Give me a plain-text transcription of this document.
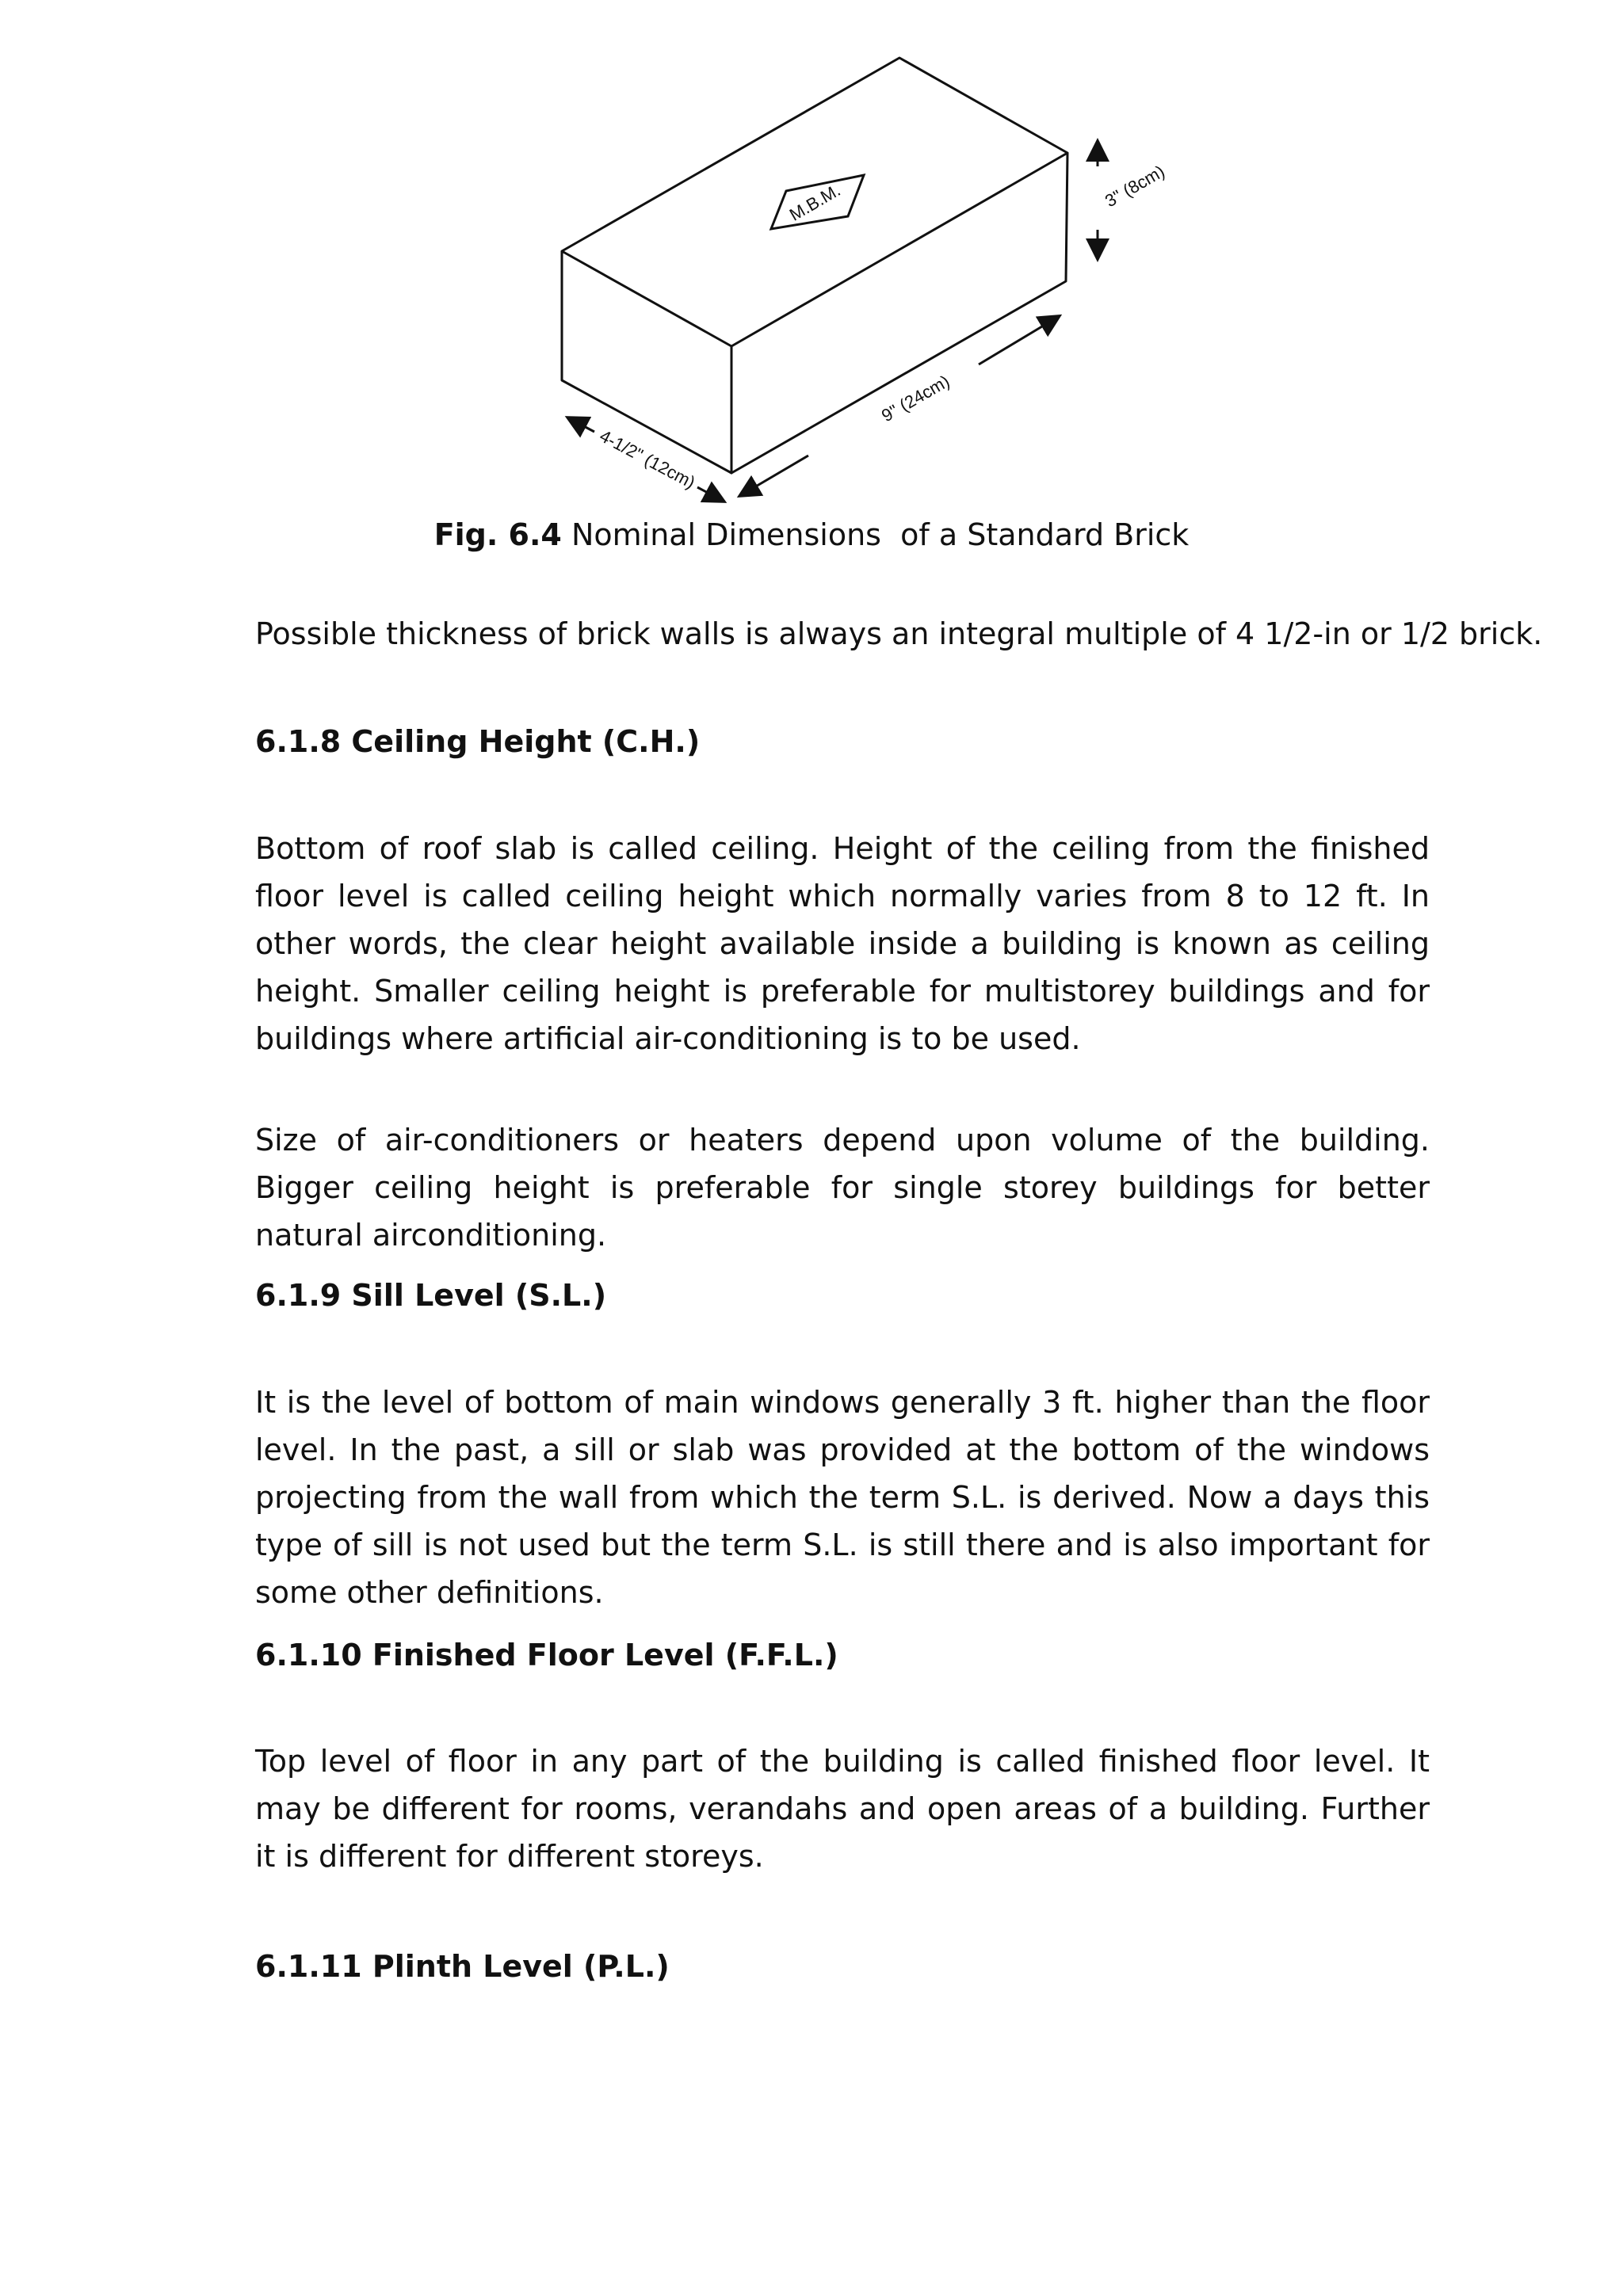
M.B.M.	3" (8cm)
9" (24cm)
4-1/2" (12cm)
Fig. 6.4 Nominal Dimensions  of a Standard Brick

Possible thickness of brick walls is always an integral multiple of 4 1/2-in or 1/2 brick.

6.1.8 Ceiling Height (C.H.)

Bottom of roof slab is called ceiling. Height of the ceiling from the finished floor level is called ceiling height which normally varies from 8 to 12 ft. In other words, the clear height available inside a building is known as ceiling height. Smaller ceiling height is preferable for multistorey buildings and for buildings where artificial air-conditioning is to be used.

Size of air-conditioners or heaters depend upon volume of the building. Bigger ceiling height is preferable for single storey buildings for better natural airconditioning.

6.1.9 Sill Level (S.L.)

It is the level of bottom of main windows generally 3 ft. higher than the floor level. In the past, a sill or slab was provided at the bottom of the windows projecting from the wall from which the term S.L. is derived. Now a days this type of sill is not used but the term S.L. is still there and is also important for some other definitions.

6.1.10 Finished Floor Level (F.F.L.)

Top level of floor in any part of the building is called finished floor level. It may be different for rooms, verandahs and open areas of a building. Further it is different for different storeys.

6.1.11 Plinth Level (P.L.)
